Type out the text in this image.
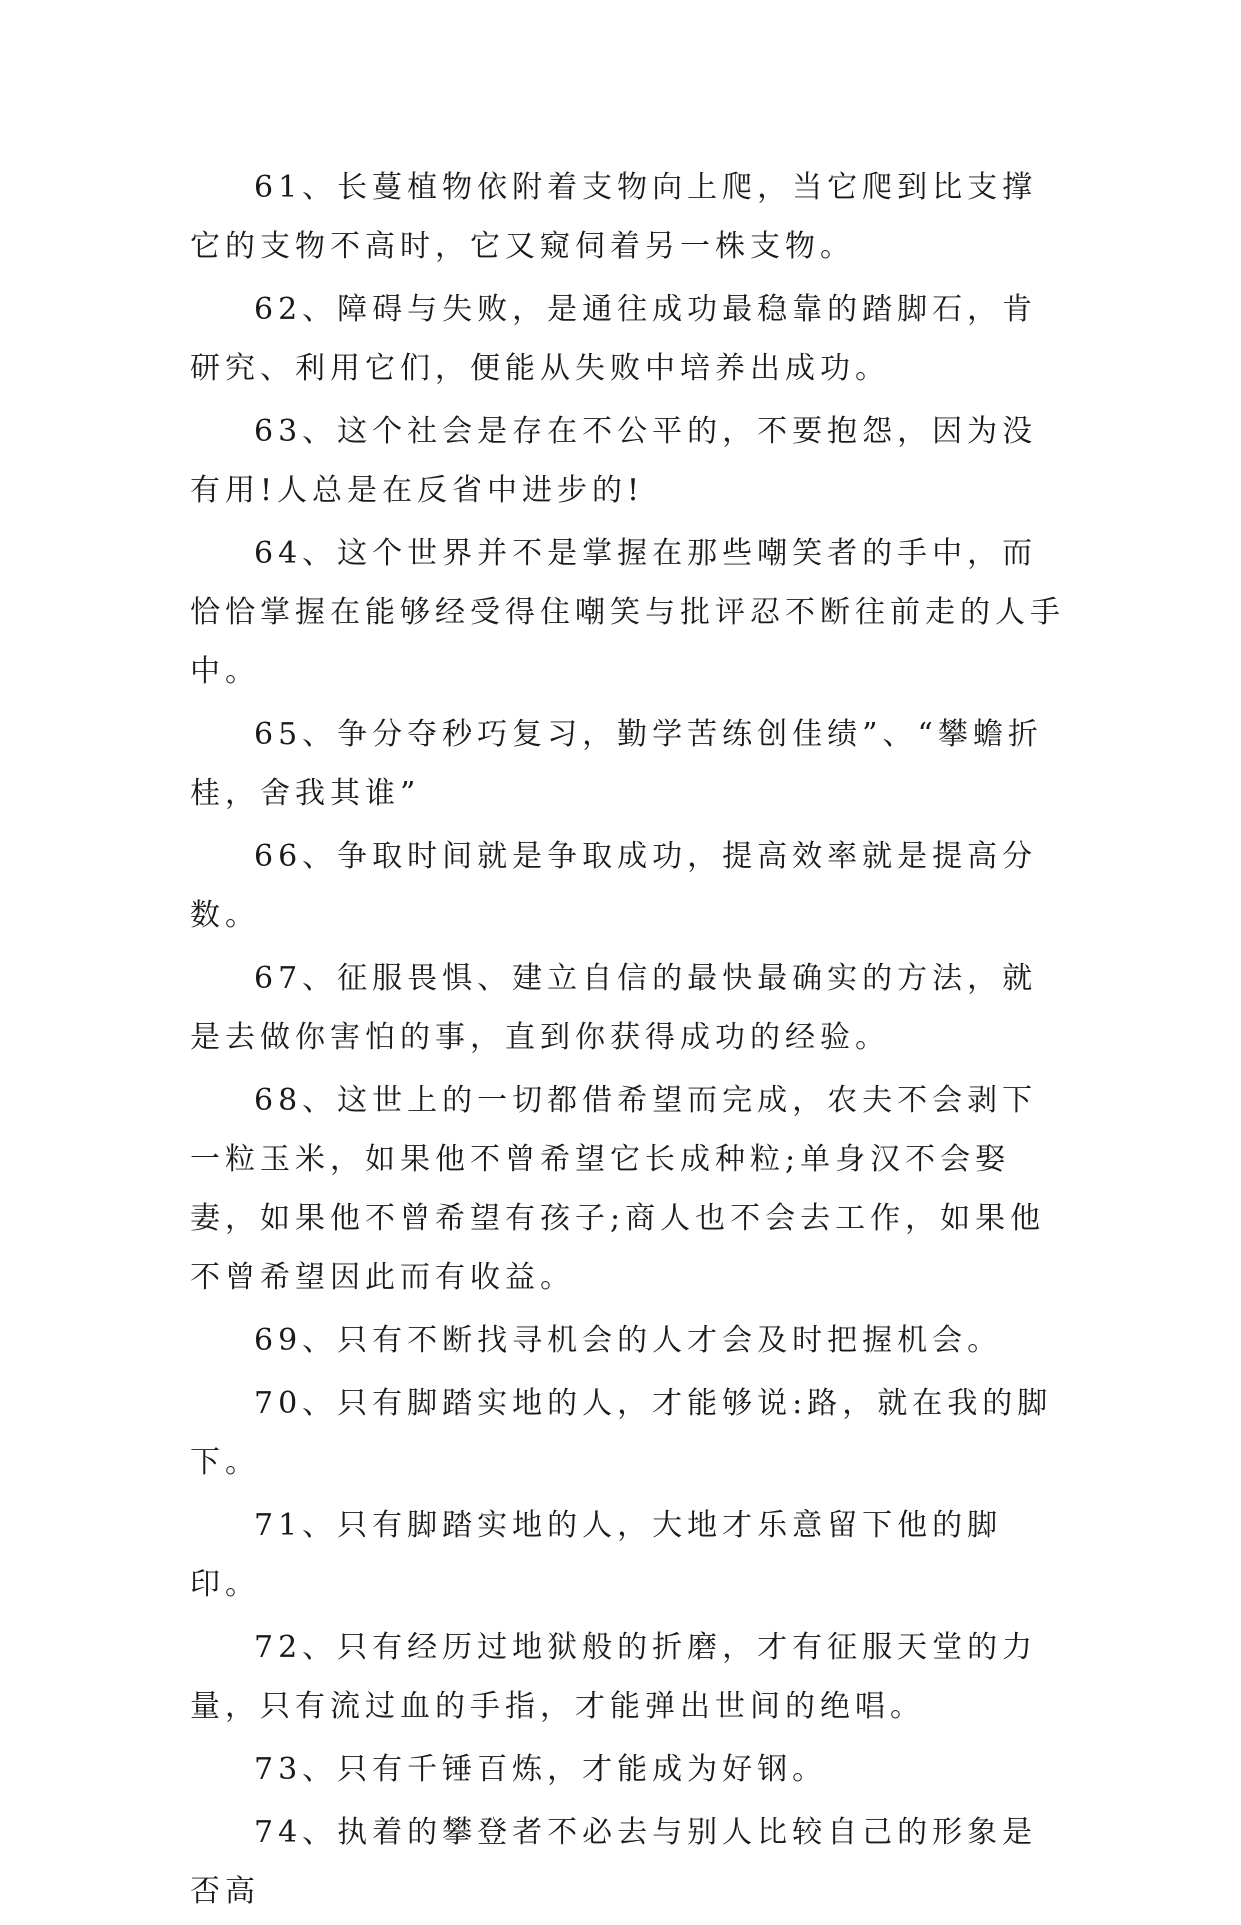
61、长蔓植物依附着支物向上爬，当它爬到比支撑它的支物不高时，它又窥伺着另一株支物。

62、障碍与失败，是通往成功最稳靠的踏脚石，肯研究、利用它们，便能从失败中培养出成功。

63、这个社会是存在不公平的，不要抱怨，因为没有用!人总是在反省中进步的!

64、这个世界并不是掌握在那些嘲笑者的手中，而恰恰掌握在能够经受得住嘲笑与批评忍不断往前走的人手中。

65、争分夺秒巧复习，勤学苦练创佳绩”、“攀蟾折桂，舍我其谁”

66、争取时间就是争取成功，提高效率就是提高分数。

67、征服畏惧、建立自信的最快最确实的方法，就是去做你害怕的事，直到你获得成功的经验。

68、这世上的一切都借希望而完成，农夫不会剥下一粒玉米，如果他不曾希望它长成种粒;单身汉不会娶妻，如果他不曾希望有孩子;商人也不会去工作，如果他不曾希望因此而有收益。

69、只有不断找寻机会的人才会及时把握机会。

70、只有脚踏实地的人，才能够说:路，就在我的脚下。

71、只有脚踏实地的人，大地才乐意留下他的脚印。

72、只有经历过地狱般的折磨，才有征服天堂的力量，只有流过血的手指，才能弹出世间的绝唱。

73、只有千锤百炼，才能成为好钢。

74、执着的攀登者不必去与别人比较自己的形象是否高
